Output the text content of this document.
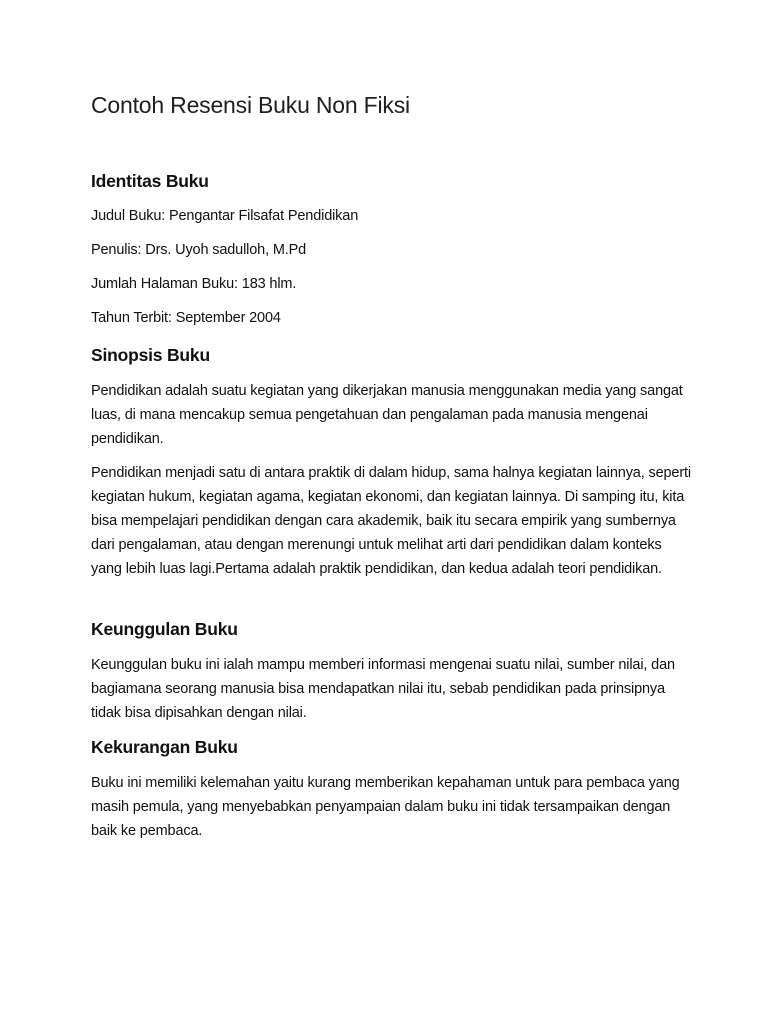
Contoh Resensi Buku Non Fiksi
Identitas Buku

Judul Buku: Pengantar Filsafat Pendidikan

Penulis: Drs. Uyoh sadulloh, M.Pd

Jumlah Halaman Buku: 183 hlm.

Tahun Terbit: September 2004

Sinopsis Buku

Pendidikan adalah suatu kegiatan yang dikerjakan manusia menggunakan media yang sangat luas, di mana mencakup semua pengetahuan dan pengalaman pada manusia mengenai pendidikan.

Pendidikan menjadi satu di antara praktik di dalam hidup, sama halnya kegiatan lainnya, seperti kegiatan hukum, kegiatan agama, kegiatan ekonomi, dan kegiatan lainnya. Di samping itu, kita bisa mempelajari pendidikan dengan cara akademik, baik itu secara empirik yang sumbernya dari pengalaman, atau dengan merenungi untuk melihat arti dari pendidikan dalam konteks yang lebih luas lagi.Pertama adalah praktik pendidikan, dan kedua adalah teori pendidikan.

Keunggulan Buku

Keunggulan buku ini ialah mampu memberi informasi mengenai suatu nilai, sumber nilai, dan bagiamana seorang manusia bisa mendapatkan nilai itu, sebab pendidikan pada prinsipnya tidak bisa dipisahkan dengan nilai.

Kekurangan Buku

Buku ini memiliki kelemahan yaitu kurang memberikan kepahaman untuk para pembaca yang masih pemula, yang menyebabkan penyampaian dalam buku ini tidak tersampaikan dengan baik ke pembaca.
